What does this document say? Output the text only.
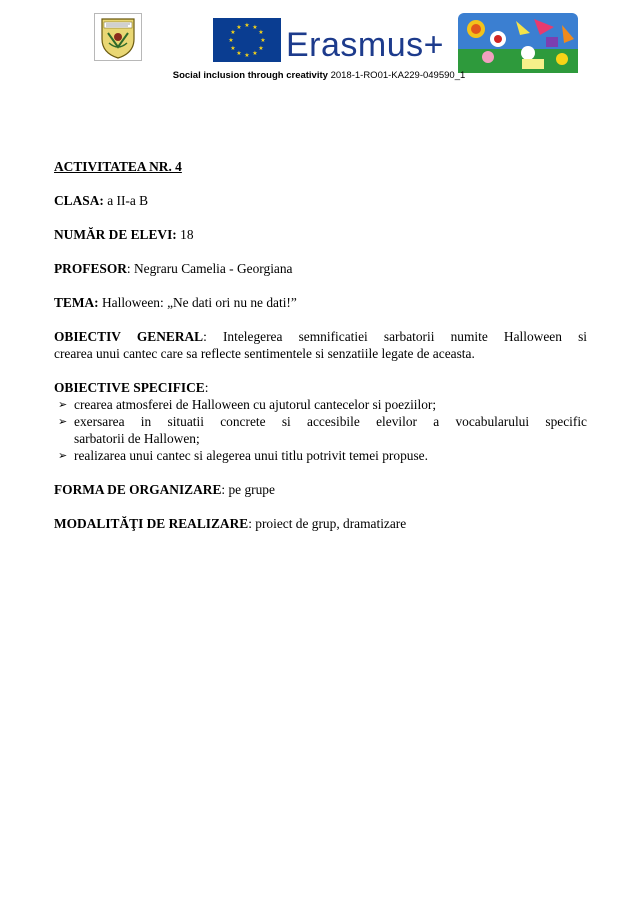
★ ★
★
★
★
★
★
★
★
★
★
★ Erasmus+
Social inclusion through creativity 2018-1-RO01-KA229-049590_1

ACTIVITATEA NR. 4

CLASA: a II-a B

NUMĂR DE ELEVI: 18

PROFESOR: Negraru Camelia - Georgiana

TEMA: Halloween: „Ne dati ori nu ne dati!”

OBIECTIV GENERAL: Intelegerea semnificatiei sarbatorii numite Halloween si

crearea unui cantec care sa reflecte sentimentele si senzatiile legate de aceasta.

OBIECTIVE SPECIFICE:

➢ crearea atmosferei de Halloween cu ajutorul cantecelor si poeziilor;
➢ exersarea in situatii concrete si accesibile elevilor a vocabularului specific
sarbatorii de Hallowen;
➢ realizarea unui cantec si alegerea unui titlu potrivit temei propuse.

FORMA DE ORGANIZARE: pe grupe

MODALITĂŢI DE REALIZARE: proiect de grup, dramatizare
